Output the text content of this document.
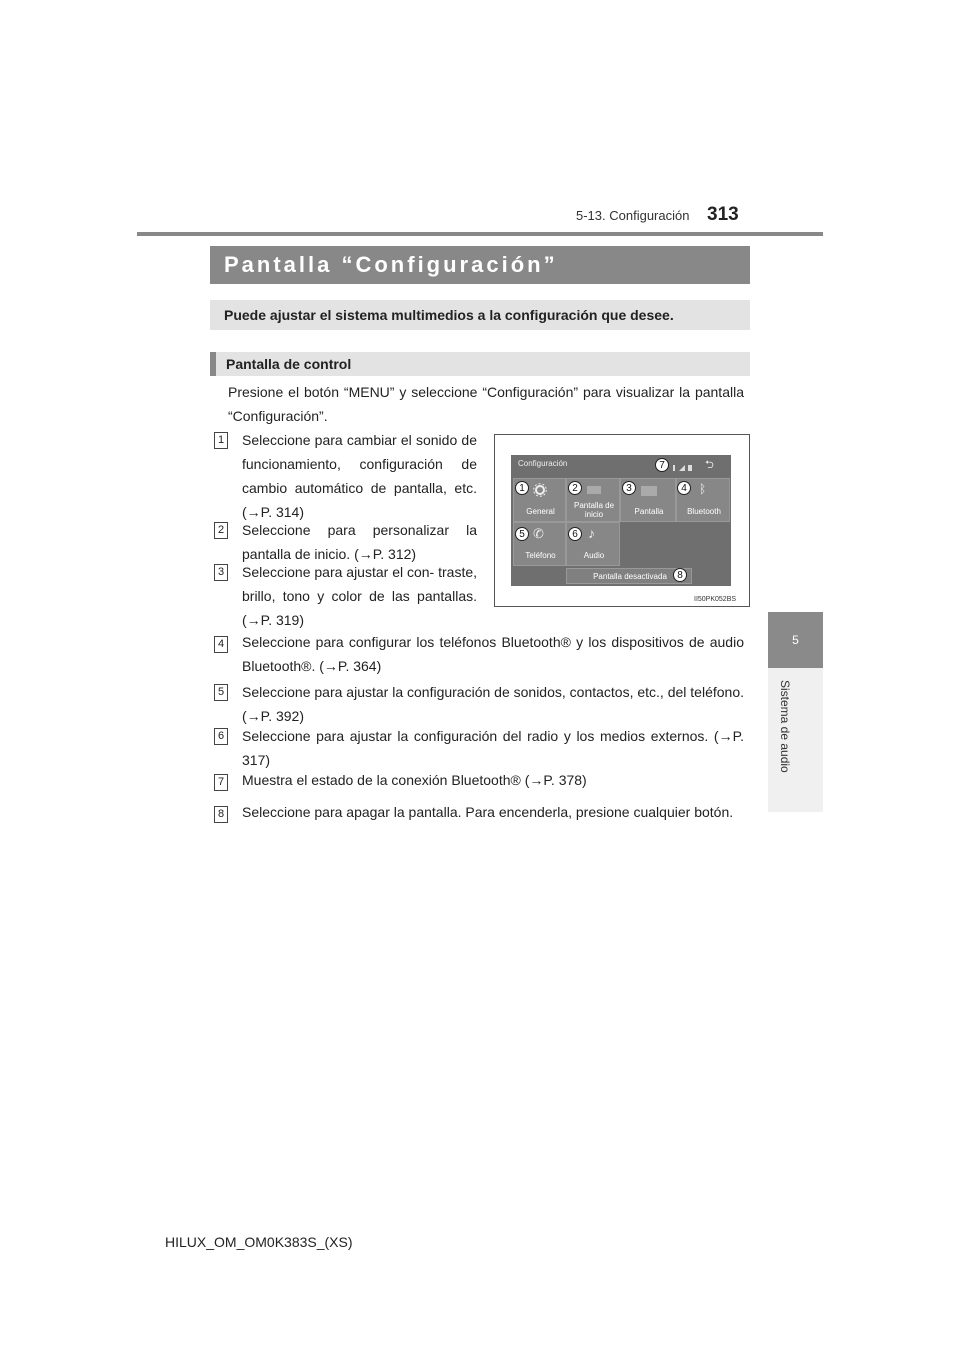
5-13. Configuración 313
5
Sistema de audio
Pantalla “Configuración”
Puede ajustar el sistema multimedios a la configuración que desee.
Pantalla de control
Presione el botón “MENU” y seleccione “Configuración” para visualizar la pantalla “Configuración”.
1 Seleccione para cambiar el sonido de funcionamiento, configuración de cambio automático de pantalla, etc. (→P. 314)
2 Seleccione para personalizar la pantalla de inicio. (→P. 312)
3 Seleccione para ajustar el con- traste, brillo, tono y color de las pantallas. (→P. 319)
4 Seleccione para configurar los teléfonos Bluetooth® y los dispositivos de audio Bluetooth®. (→P. 364)
5 Seleccione para ajustar la configuración de sonidos, contactos, etc., del teléfono. (→P. 392)
6 Seleccione para ajustar la configuración del radio y los medios externos. (→P. 317)
7 Muestra el estado de la conexión Bluetooth® (→P. 378)
8 Seleccione para apagar la pantalla. Para encenderla, presione cualquier botón.
Configuración	⮌
General
Pantalla de inicio	Pantalla
ᛒ
Bluetooth
✆
Teléfono
♪
Audio
Pantalla desactivada
1	2	3	4
5	6
7
8
II50PK052BS
HILUX_OM_OM0K383S_(XS)
